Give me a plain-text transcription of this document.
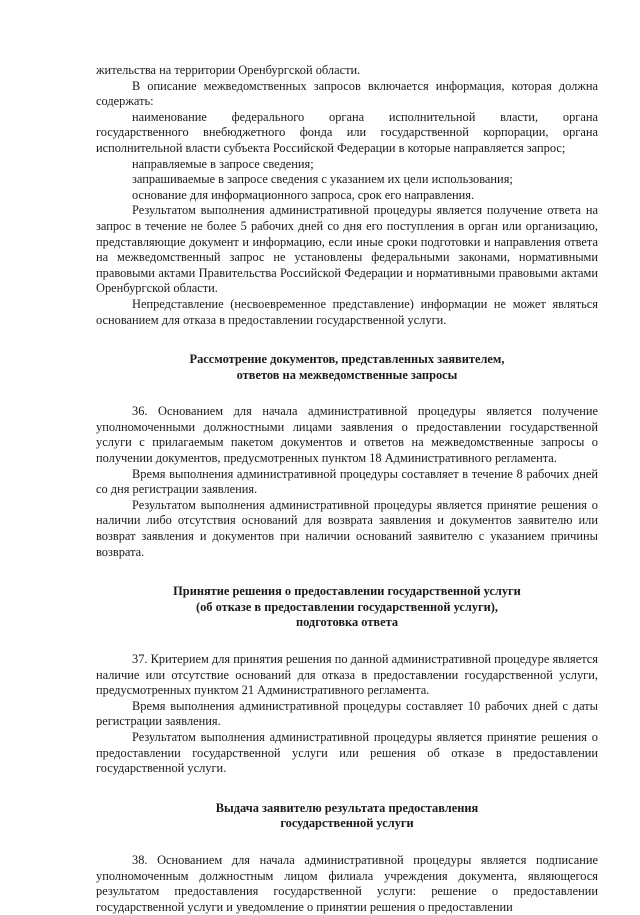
жительства на территории Оренбургской области.

В описание межведомственных запросов включается информация, которая должна содержать:

наименование федерального органа исполнительной власти, органа
государственного внебюджетного фонда или государственной корпорации, органа
исполнительной власти субъекта Российской Федерации в которые направляется запрос;

направляемые в запросе сведения;

запрашиваемые в запросе сведения с указанием их цели использования;

основание для информационного запроса, срок его направления.

Результатом выполнения административной процедуры является получение ответа на запрос в течение не более 5 рабочих дней со дня его поступления в орган или организацию, представляющие документ и информацию, если иные сроки подготовки и направления ответа на межведомственный запрос не установлены федеральными законами, нормативными правовыми актами Правительства Российской Федерации и нормативными правовыми актами Оренбургской области.

Непредставление (несвоевременное представление) информации не может являться основанием для отказа в предоставлении государственной услуги.

Рассмотрение документов, представленных заявителем,
ответов на межведомственные запросы

36. Основанием для начала административной процедуры является получение уполномоченными должностными лицами заявления о предоставлении государственной услуги с прилагаемым пакетом документов и ответов на межведомственные запросы о получении документов, предусмотренных пунктом 18 Административного регламента.

Время выполнения административной процедуры составляет в течение 8 рабочих дней со дня регистрации заявления.

Результатом выполнения административной процедуры является принятие решения о наличии либо отсутствия оснований для возврата заявления и документов заявителю или возврат заявления и документов при наличии оснований заявителю с указанием причины возврата.

Принятие решения о предоставлении государственной услуги
(об отказе в предоставлении государственной услуги),
подготовка ответа

37. Критерием для принятия решения по данной административной процедуре является наличие или отсутствие оснований для отказа в предоставлении государственной услуги, предусмотренных пунктом 21 Административного регламента.

Время выполнения административной процедуры составляет 10 рабочих дней с даты регистрации заявления.

Результатом выполнения административной процедуры является принятие решения о предоставлении государственной услуги или решения об отказе в предоставлении государственной услуги.

Выдача заявителю результата предоставления
государственной услуги

38. Основанием для начала административной процедуры является подписание уполномоченным должностным лицом филиала учреждения документа, являющегося результатом предоставления государственной услуги: решение о предоставлении государственной услуги и уведомление о принятии решения о предоставлении
